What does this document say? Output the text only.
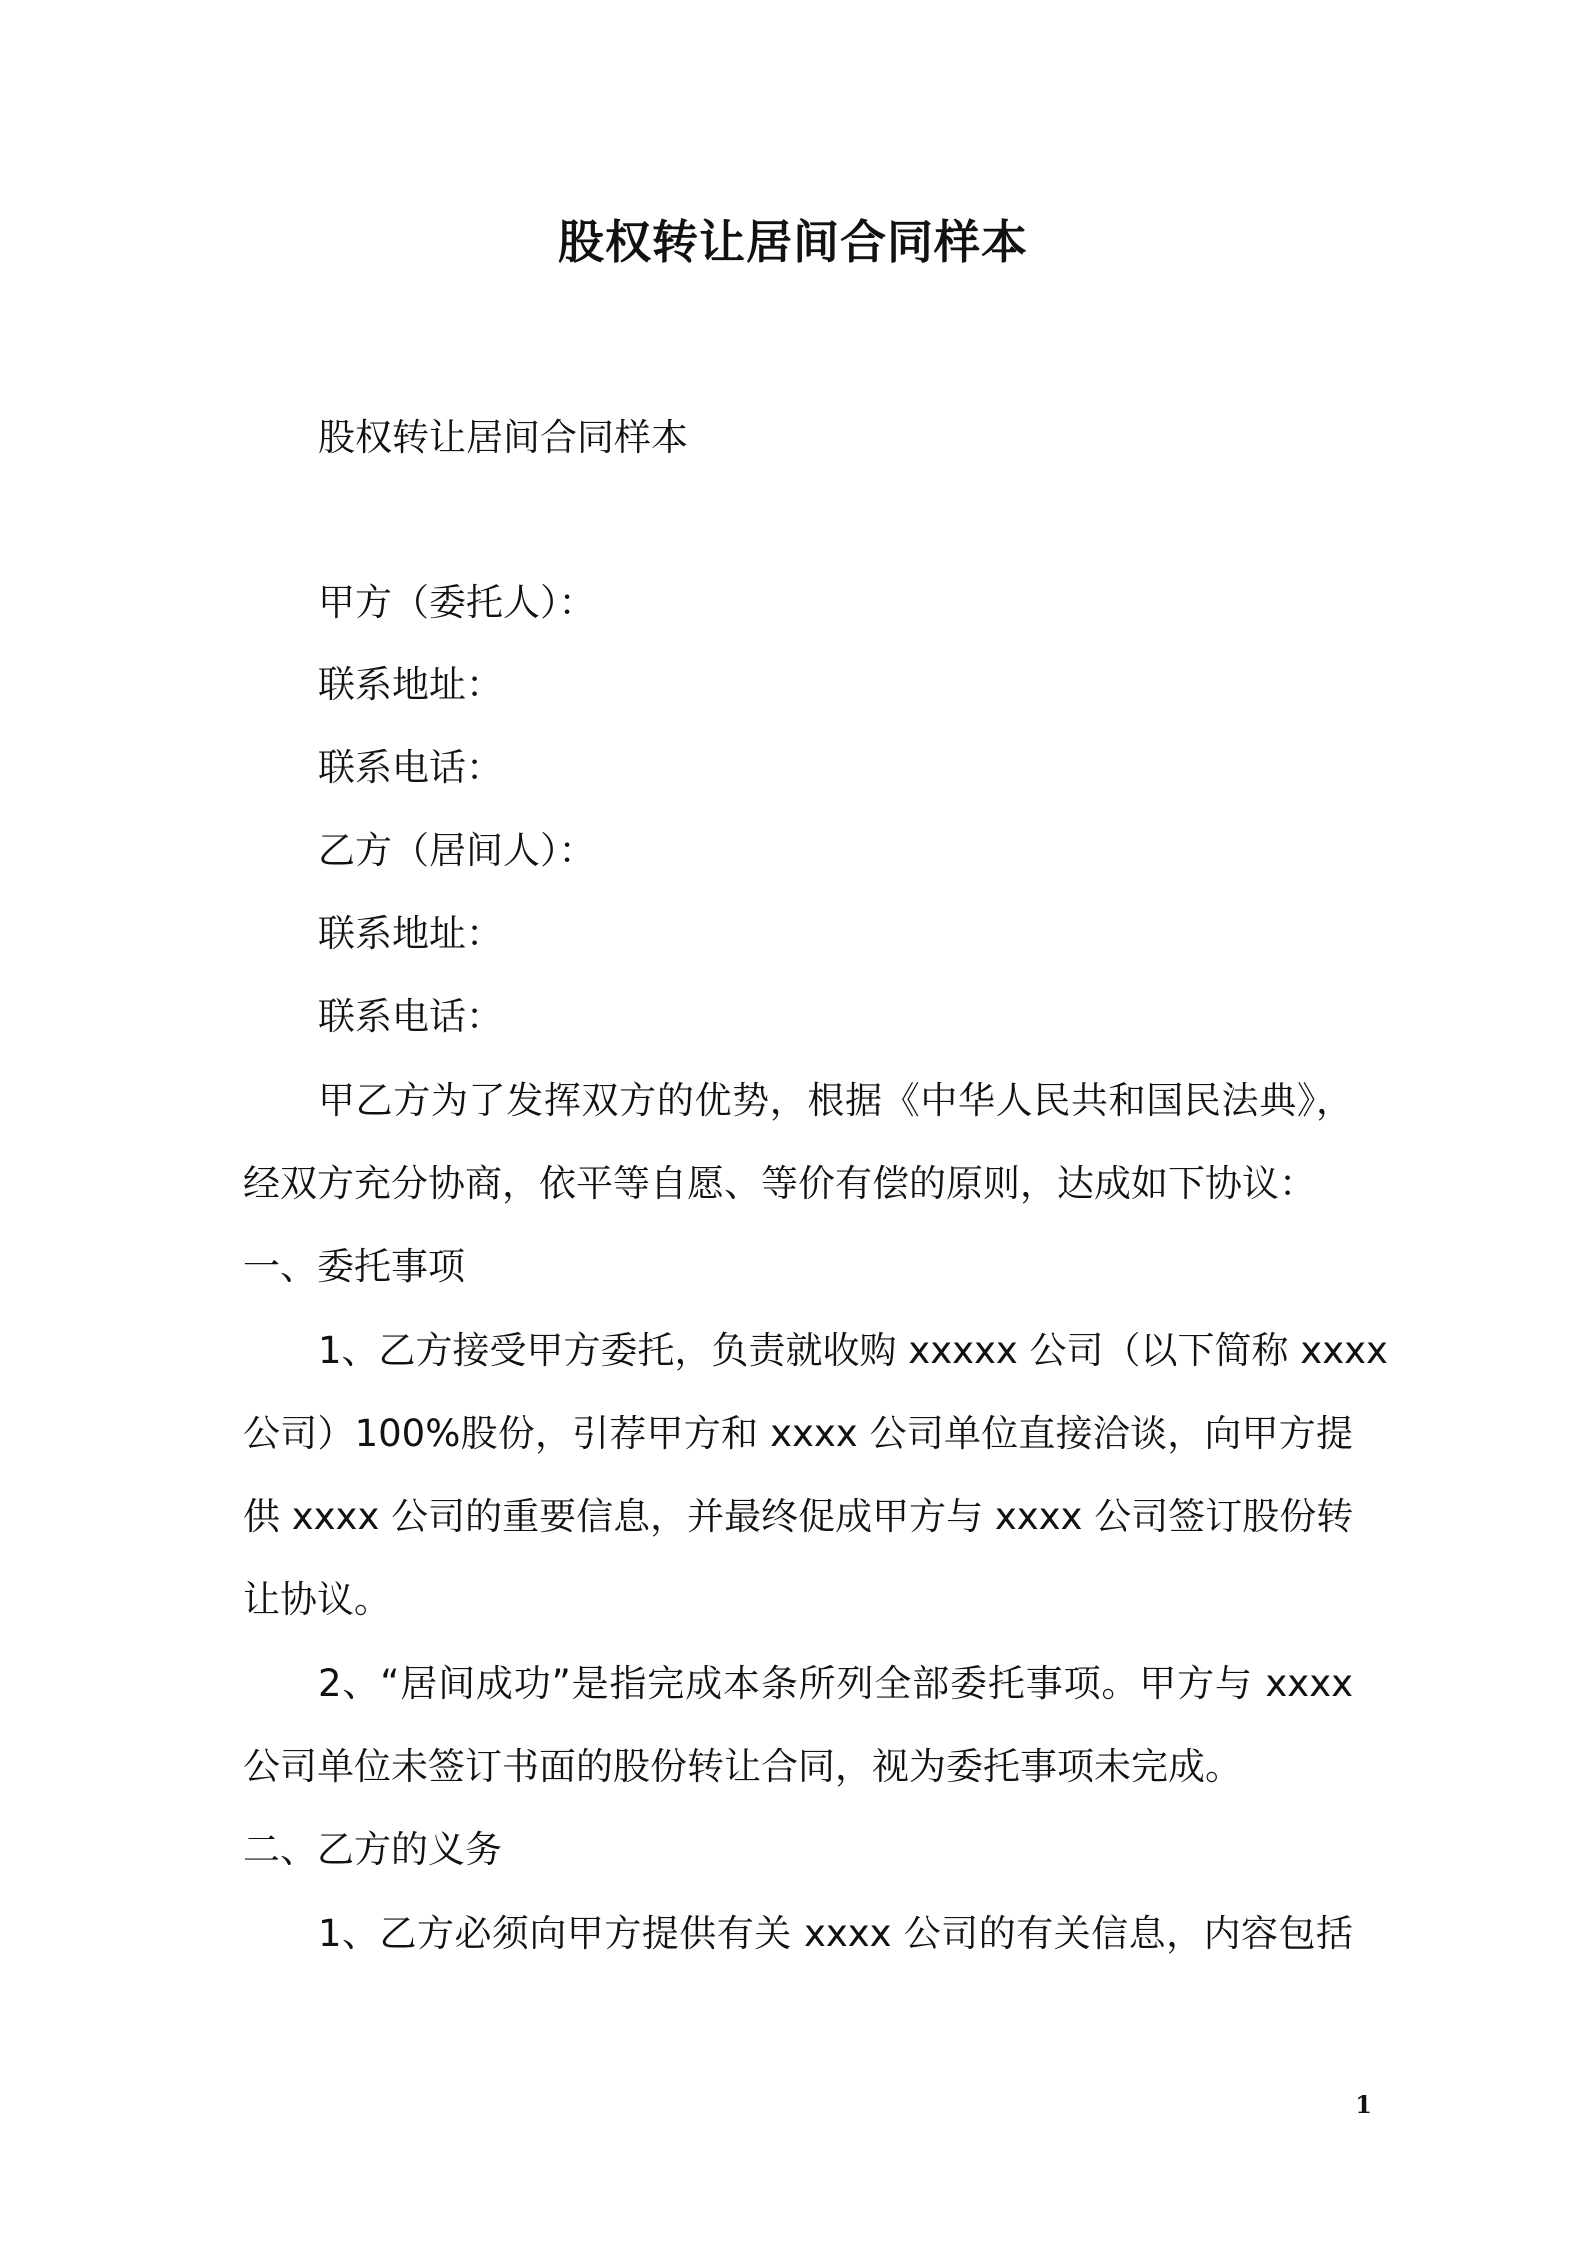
股权转让居间合同样本
股权转让居间合同样本
甲方（委托人）：
联系地址：
联系电话：
乙方（居间人）：
联系地址：
联系电话：
甲乙方为了发挥双方的优势，根据《中华人民共和国民法典》，
经双方充分协商，依平等自愿、等价有偿的原则，达成如下协议：
一、委托事项
1、乙方接受甲方委托，负责就收购 xxxxx 公司（以下简称 xxxx
公司）100%股份，引荐甲方和 xxxx 公司单位直接洽谈，向甲方提
供 xxxx 公司的重要信息，并最终促成甲方与 xxxx 公司签订股份转
让协议。
2、“居间成功”是指完成本条所列全部委托事项。甲方与 xxxx
公司单位未签订书面的股份转让合同，视为委托事项未完成。
二、乙方的义务
1、乙方必须向甲方提供有关 xxxx 公司的有关信息，内容包括
1
